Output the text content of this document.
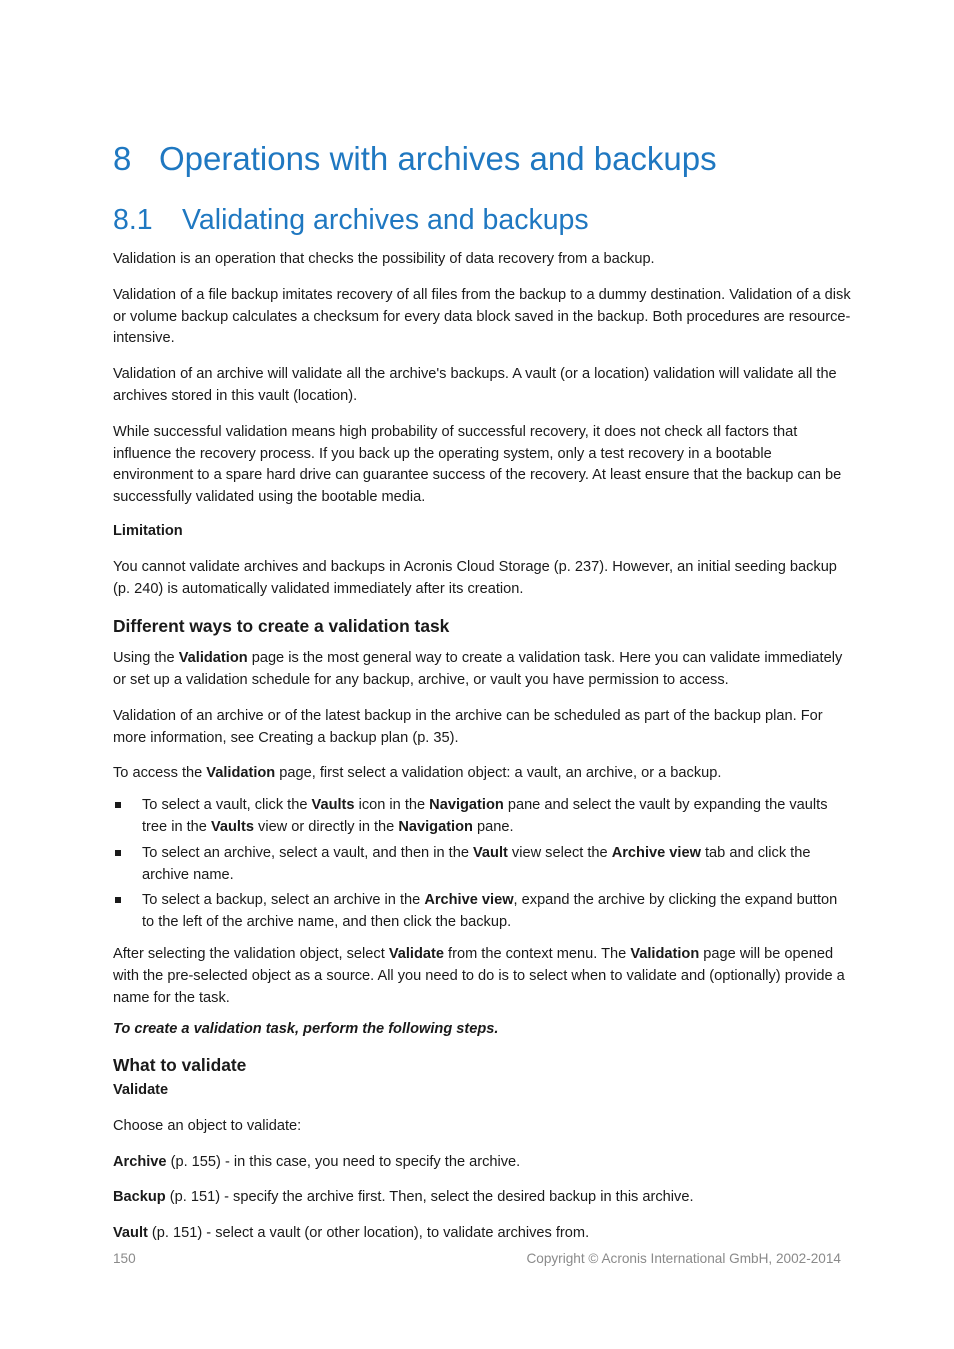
8 Operations with archives and backups
8.1 Validating archives and backups

Validation is an operation that checks the possibility of data recovery from a backup.

Validation of a file backup imitates recovery of all files from the backup to a dummy destination. Validation of a disk or volume backup calculates a checksum for every data block saved in the backup. Both procedures are resource-intensive.

Validation of an archive will validate all the archive's backups. A vault (or a location) validation will validate all the archives stored in this vault (location).

While successful validation means high probability of successful recovery, it does not check all factors that influence the recovery process. If you back up the operating system, only a test recovery in a bootable environment to a spare hard drive can guarantee success of the recovery. At least ensure that the backup can be successfully validated using the bootable media.

Limitation

You cannot validate archives and backups in Acronis Cloud Storage (p. 237). However, an initial seeding backup (p. 240) is automatically validated immediately after its creation.

Different ways to create a validation task

Using the Validation page is the most general way to create a validation task. Here you can validate immediately or set up a validation schedule for any backup, archive, or vault you have permission to access.

Validation of an archive or of the latest backup in the archive can be scheduled as part of the backup plan. For more information, see Creating a backup plan (p. 35).

To access the Validation page, first select a validation object: a vault, an archive, or a backup.

To select a vault, click the Vaults icon in the Navigation pane and select the vault by expanding the vaults tree in the Vaults view or directly in the Navigation pane.
To select an archive, select a vault, and then in the Vault view select the Archive view tab and click the archive name.
To select a backup, select an archive in the Archive view, expand the archive by clicking the expand button to the left of the archive name, and then click the backup.

After selecting the validation object, select Validate from the context menu. The Validation page will be opened with the pre-selected object as a source. All you need to do is to select when to validate and (optionally) provide a name for the task.

To create a validation task, perform the following steps.

What to validate

Validate

Choose an object to validate:

Archive (p. 155) - in this case, you need to specify the archive.

Backup (p. 151) - specify the archive first. Then, select the desired backup in this archive.

Vault (p. 151) - select a vault (or other location), to validate archives from.

150	Copyright © Acronis International GmbH, 2002-2014
